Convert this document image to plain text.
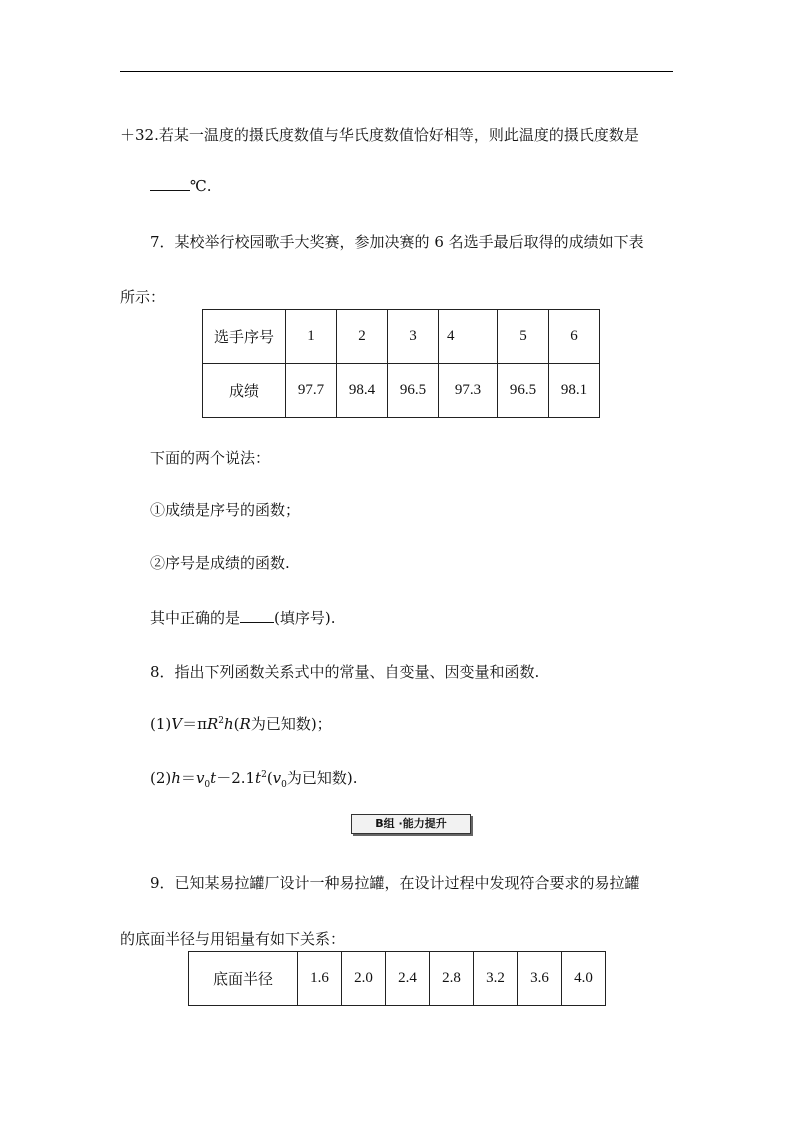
＋32.若某一温度的摄氏度数值与华氏度数值恰好相等，则此温度的摄氏度数是
℃.
7．某校举行校园歌手大奖赛，参加决赛的 6 名选手最后取得的成绩如下表
所示：
选手序号	1	2	3	4	5	6
成绩	97.7	98.4	96.5	97.3	96.5	98.1
下面的两个说法：
①成绩是序号的函数；
②序号是成绩的函数.
其中正确的是 (填序号).
8．指出下列函数关系式中的常量、自变量、因变量和函数.
$(1)V=\pi R^2h(R$为已知数)；
$(2)h=v_0t-2.1t^2(v_0$为已知数).
B组 ·能力提升
9．已知某易拉罐厂设计一种易拉罐，在设计过程中发现符合要求的易拉罐
的底面半径与用铝量有如下关系：
底面半径	1.6	2.0	2.4	2.8	3.2	3.6	4.0
